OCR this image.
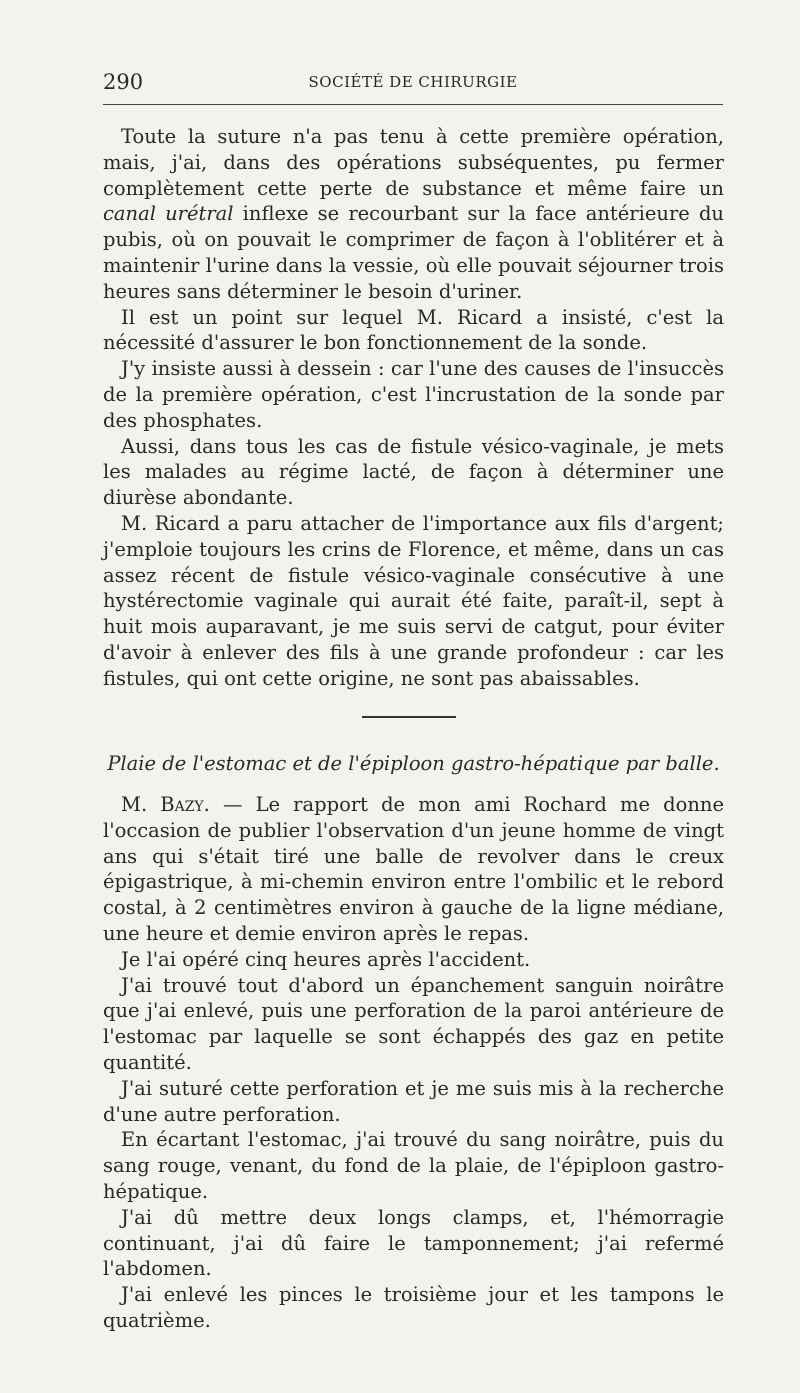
290	SOCIÉTÉ DE CHIRURGIE

Toute la suture n'a pas tenu à cette première opération, mais, j'ai, dans des opérations subséquentes, pu fermer complètement cette perte de substance et même faire un canal urétral inflexe se recourbant sur la face antérieure du pubis, où on pouvait le comprimer de façon à l'oblitérer et à maintenir l'urine dans la vessie, où elle pouvait séjourner trois heures sans déterminer le besoin d'uriner.

Il est un point sur lequel M. Ricard a insisté, c'est la nécessité d'assurer le bon fonctionnement de la sonde.

J'y insiste aussi à dessein : car l'une des causes de l'insuccès de la première opération, c'est l'incrustation de la sonde par des phosphates.

Aussi, dans tous les cas de fistule vésico-vaginale, je mets les malades au régime lacté, de façon à déterminer une diurèse abondante.

M. Ricard a paru attacher de l'importance aux fils d'argent; j'emploie toujours les crins de Florence, et même, dans un cas assez récent de fistule vésico-vaginale consécutive à une hystérectomie vaginale qui aurait été faite, paraît-il, sept à huit mois auparavant, je me suis servi de catgut, pour éviter d'avoir à enlever des fils à une grande profondeur : car les fistules, qui ont cette origine, ne sont pas abaissables.

Plaie de l'estomac et de l'épiploon gastro-hépatique par balle.

M. Bazy. — Le rapport de mon ami Rochard me donne l'occasion de publier l'observation d'un jeune homme de vingt ans qui s'était tiré une balle de revolver dans le creux épigastrique, à mi-chemin environ entre l'ombilic et le rebord costal, à 2 centimètres environ à gauche de la ligne médiane, une heure et demie environ après le repas.

Je l'ai opéré cinq heures après l'accident.

J'ai trouvé tout d'abord un épanchement sanguin noirâtre que j'ai enlevé, puis une perforation de la paroi antérieure de l'estomac par laquelle se sont échappés des gaz en petite quantité.

J'ai suturé cette perforation et je me suis mis à la recherche d'une autre perforation.

En écartant l'estomac, j'ai trouvé du sang noirâtre, puis du sang rouge, venant, du fond de la plaie, de l'épiploon gastro-hépatique.

J'ai dû mettre deux longs clamps, et, l'hémorragie continuant, j'ai dû faire le tamponnement; j'ai refermé l'abdomen.

J'ai enlevé les pinces le troisième jour et les tampons le quatrième.
